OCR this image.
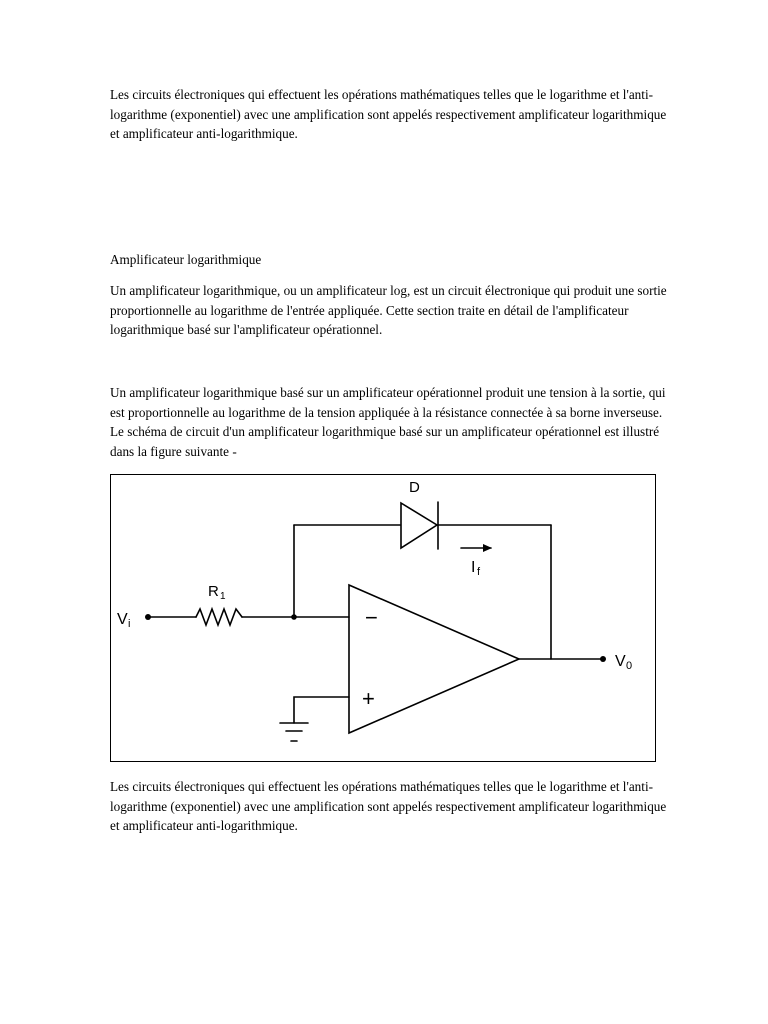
Les circuits électroniques qui effectuent les opérations mathématiques telles que le logarithme et l'anti-logarithme (exponentiel) avec une amplification sont appelés respectivement amplificateur logarithmique et amplificateur anti-logarithmique.

Amplificateur logarithmique

Un amplificateur logarithmique, ou un amplificateur log, est un circuit électronique qui produit une sortie proportionnelle au logarithme de l'entrée appliquée. Cette section traite en détail de l'amplificateur logarithmique basé sur l'amplificateur opérationnel.

Un amplificateur logarithmique basé sur un amplificateur opérationnel produit une tension à la sortie, qui est proportionnelle au logarithme de la tension appliquée à la résistance connectée à sa borne inverseuse. Le schéma de circuit d'un amplificateur logarithmique basé sur un amplificateur opérationnel est illustré dans la figure suivante -

−
+
D
R 1
V i
V 0
I f

Les circuits électroniques qui effectuent les opérations mathématiques telles que le logarithme et l'anti-logarithme (exponentiel) avec une amplification sont appelés respectivement amplificateur logarithmique et amplificateur anti-logarithmique.
